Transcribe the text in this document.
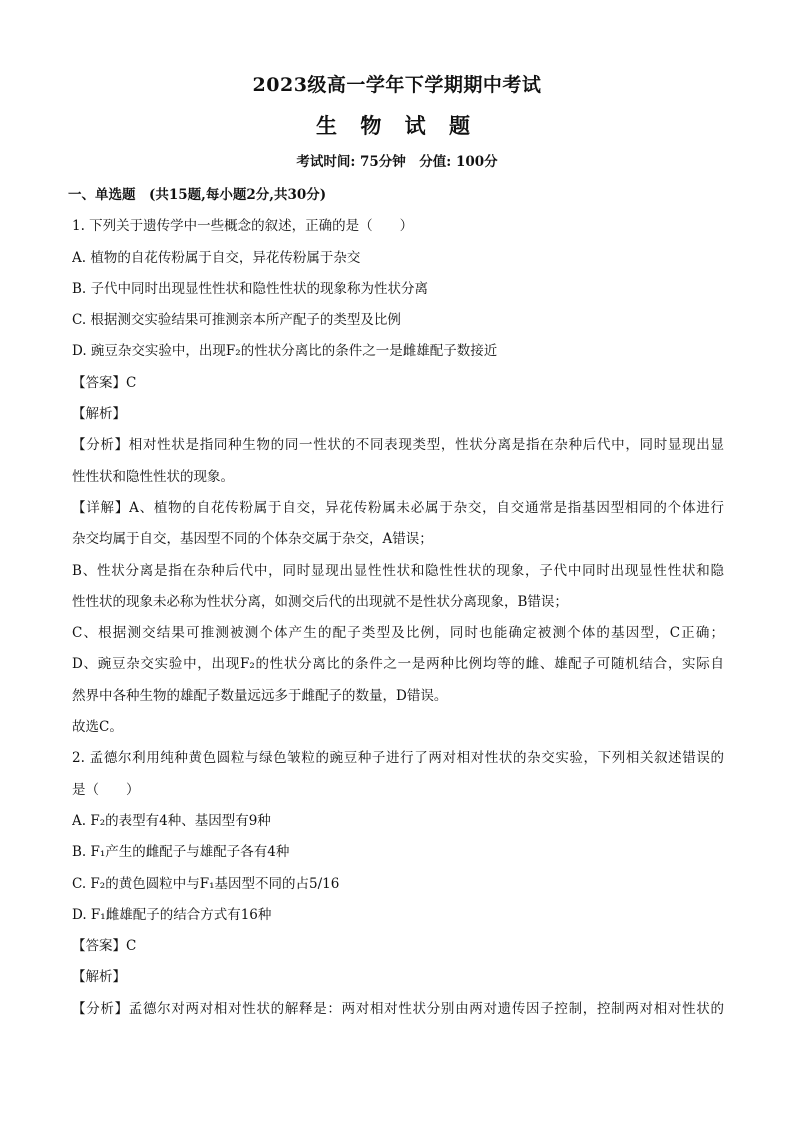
2023级高一学年下学期期中考试
生 物 试 题
考试时间: 75分钟　分值: 100分
一、单选题　(共15题,每小题2分,共30分)
1. 下列关于遗传学中一些概念的叙述，正确的是（　　）
A. 植物的自花传粉属于自交，异花传粉属于杂交
B. 子代中同时出现显性性状和隐性性状的现象称为性状分离
C. 根据测交实验结果可推测亲本所产配子的类型及比例
D. 豌豆杂交实验中，出现F₂的性状分离比的条件之一是雌雄配子数接近
【答案】C
【解析】
【分析】相对性状是指同种生物的同一性状的不同表现类型，性状分离是指在杂种后代中，同时显现出显
性性状和隐性性状的现象。
【详解】A、植物的自花传粉属于自交，异花传粉属未必属于杂交，自交通常是指基因型相同的个体进行
杂交均属于自交，基因型不同的个体杂交属于杂交，A错误；
B、性状分离是指在杂种后代中，同时显现出显性性状和隐性性状的现象，子代中同时出现显性性状和隐
性性状的现象未必称为性状分离，如测交后代的出现就不是性状分离现象，B错误；
C、根据测交结果可推测被测个体产生的配子类型及比例，同时也能确定被测个体的基因型，C正确；
D、豌豆杂交实验中，出现F₂的性状分离比的条件之一是两种比例均等的雌、雄配子可随机结合，实际自
然界中各种生物的雄配子数量远远多于雌配子的数量，D错误。
故选C。
2. 孟德尔利用纯种黄色圆粒与绿色皱粒的豌豆种子进行了两对相对性状的杂交实验，下列相关叙述错误的
是（　　）
A. F₂的表型有4种、基因型有9种
B. F₁产生的雌配子与雄配子各有4种
C. F₂的黄色圆粒中与F₁基因型不同的占5/16
D. F₁雌雄配子的结合方式有16种
【答案】C
【解析】
【分析】孟德尔对两对相对性状的解释是：两对相对性状分别由两对遗传因子控制，控制两对相对性状的
